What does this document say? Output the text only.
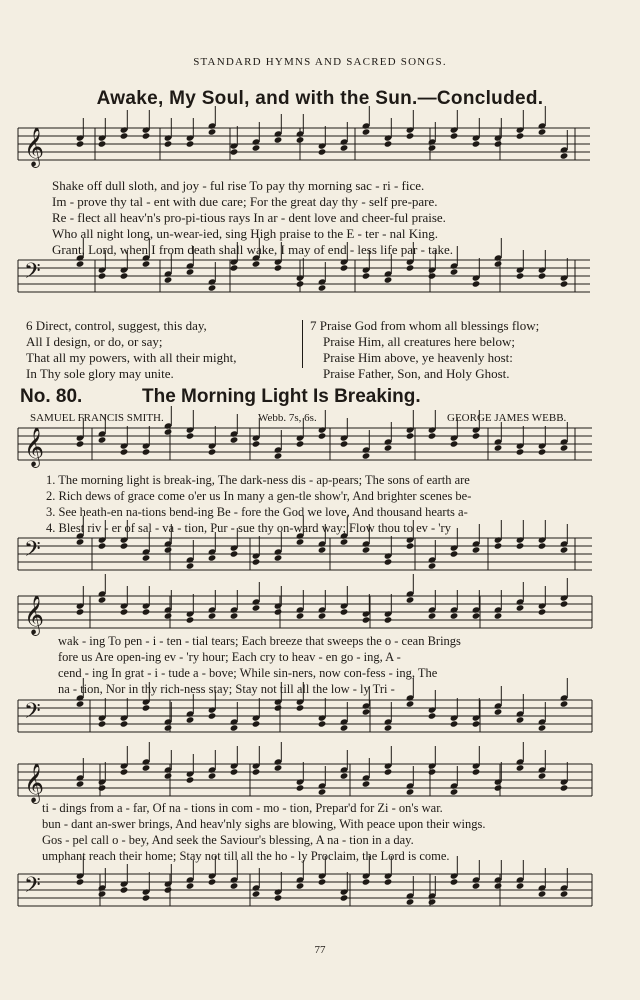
STANDARD HYMNS AND SACRED SONGS.
Awake, My Soul, and with the Sun.—Concluded.
𝄞
𝄢
𝄞
𝄢
𝄞
𝄢
𝄞
𝄢
Shake off dull sloth, and joy - ful rise To pay thy morning sac - ri - fice.
Im - prove thy tal - ent with due care; For the great day thy - self pre-pare.
Re - flect all heav'n's pro-pi-tious rays In ar - dent love and cheer-ful praise.
Who all night long, un-wear-ied, sing High praise to the E - ter - nal King.
Grant, Lord, when I from death shall wake, I may of end - less life par - take.
6 Direct, control, suggest, this day,
All I design, or do, or say;
That all my powers, with all their might,
In Thy sole glory may unite.
7 Praise God from whom all blessings flow;
Praise Him, all creatures here below;
Praise Him above, ye heavenly host:
Praise Father, Son, and Holy Ghost.
No. 80.	The Morning Light Is Breaking.
SAMUEL FRANCIS SMITH.	Webb. 7s, 6s.	GEORGE JAMES WEBB.
1. The morning light is break-ing, The dark-ness dis - ap-pears; The sons of earth are
2. Rich dews of grace come o'er us In many a gen-tle show'r, And brighter scenes be-
3. See heath-en na-tions bend-ing Be - fore the God we love, And thousand hearts a-
4. Blest riv - er of sal - va - tion, Pur - sue thy on-ward way; Flow thou to ev - 'ry
wak - ing To pen - i - ten - tial tears; Each breeze that sweeps the o - cean Brings
fore us Are open-ing ev - 'ry hour; Each cry to heav - en go - ing, A -
cend - ing In grat - i - tude a - bove; While sin-ners, now con-fess - ing, The
na - tion, Nor in thy rich-ness stay; Stay not till all the low - ly Tri -
ti - dings from a - far, Of na - tions in com - mo - tion, Prepar'd for Zi - on's war.
bun - dant an-swer brings, And heav'nly sighs are blowing, With peace upon their wings.
Gos - pel call o - bey, And seek the Saviour's blessing, A na - tion in a day.
umphant reach their home; Stay not till all the ho - ly Proclaim, the Lord is come.
77
